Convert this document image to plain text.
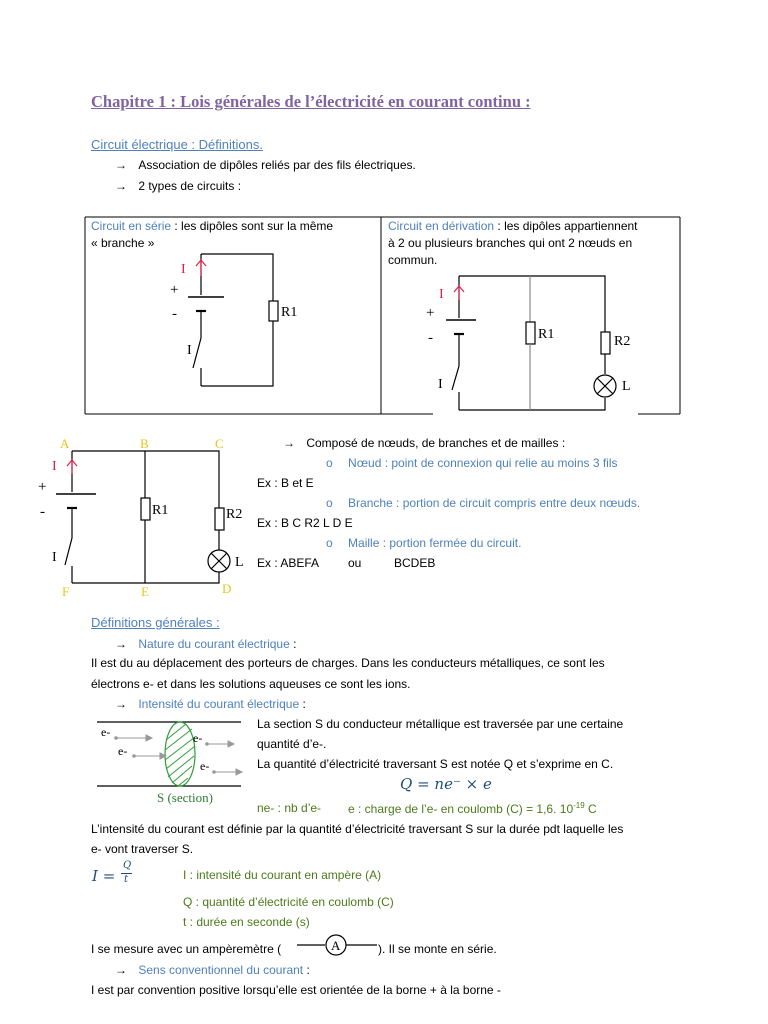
Chapitre 1 : Lois générales de l’électricité en courant continu :
Circuit électrique : Définitions.
→ Association de dipôles reliés par des fils électriques.
→ 2 types de circuits :
Circuit en série : les dipôles sont sur la même
« branche »
Circuit en dérivation : les dipôles appartiennent
à 2 ou plusieurs branches qui ont 2 nœuds en
commun.
I
+
-	R1
I
I
+
-	R1	R2
L
I
I
+
-	R1	R2
L
I
A	B	C
F	E	D
→ Composé de nœuds, de branches et de mailles :
o Nœud : point de connexion qui relie au moins 3 fils
Ex : B et E
o Branche : portion de circuit compris entre deux nœuds.
Ex : B C R2 L D E
o Maille : portion fermée du circuit.
Ex : ABEFA ou	BCDEB
Définitions générales :
→ Nature du courant électrique :
Il est du au déplacement des porteurs de charges. Dans les conducteurs métalliques, ce sont les
électrons e- et dans les solutions aqueuses ce sont les ions.
→ Intensité du courant électrique :
e-
e-
e-
e-
S (section)
La section S du conducteur métallique est traversée par une certaine
quantité d’e-.
La quantité d’électricité traversant S est notée Q et s’exprime en C.
Q = ne⁻ × e
ne- : nb d’e- e : charge de l’e- en coulomb (C) = 1,6. $10^{-19}$ C
L’intensité du courant est définie par la quantité d’électricité traversant S sur la durée pdt laquelle les
e- vont traverser S.
I =
Q
t	I : intensité du courant en ampère (A)
Q : quantité d’électricité en coulomb (C)
t : durée en seconde (s)
I se mesure avec un ampèremètre (	A	). Il se monte en série.
→ Sens conventionnel du courant :
I est par convention positive lorsqu’elle est orientée de la borne + à la borne -
